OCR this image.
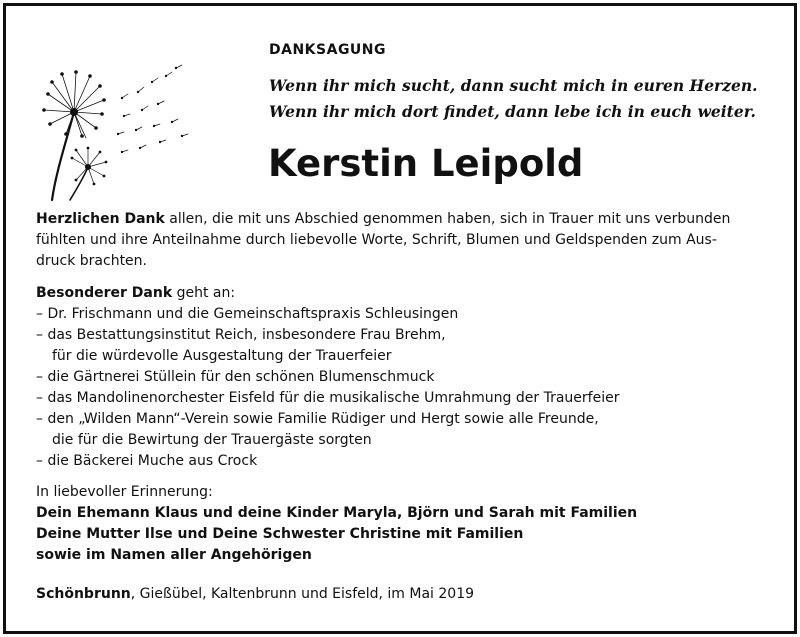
DANKSAGUNG
Wenn ihr mich sucht, dann sucht mich in euren Herzen.
Wenn ihr mich dort findet, dann lebe ich in euch weiter.
Kerstin Leipold
Herzlichen Dank allen, die mit uns Abschied genommen haben, sich in Trauer mit uns verbunden
fühlten und ihre Anteilnahme durch liebevolle Worte, Schrift, Blumen und Geldspenden zum Aus-
druck brachten.
Besonderer Dank geht an:
– Dr. Frischmann und die Gemeinschaftspraxis Schleusingen
– das Bestattungsinstitut Reich, insbesondere Frau Brehm,
für die würdevolle Ausgestaltung der Trauerfeier
– die Gärtnerei Stüllein für den schönen Blumenschmuck
– das Mandolinenorchester Eisfeld für die musikalische Umrahmung der Trauerfeier
– den „Wilden Mann“-Verein sowie Familie Rüdiger und Hergt sowie alle Freunde,
die für die Bewirtung der Trauergäste sorgten
– die Bäckerei Muche aus Crock
In liebevoller Erinnerung:
Dein Ehemann Klaus und deine Kinder Maryla, Björn und Sarah mit Familien
Deine Mutter Ilse und Deine Schwester Christine mit Familien
sowie im Namen aller Angehörigen
Schönbrunn, Gießübel, Kaltenbrunn und Eisfeld, im Mai 2019
